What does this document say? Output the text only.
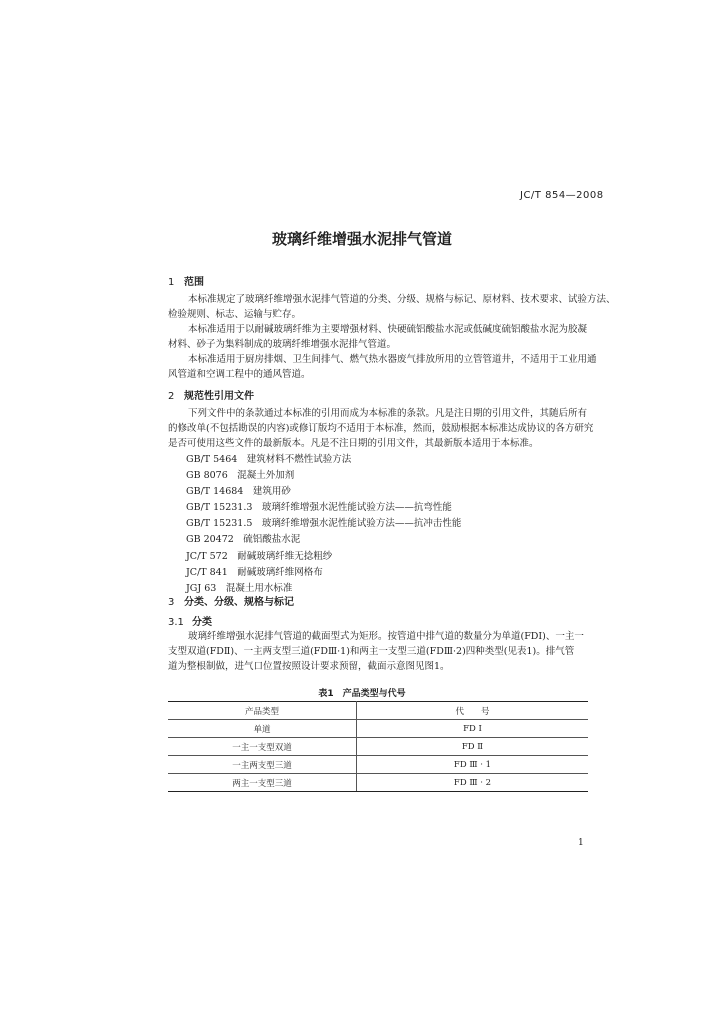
JC/T 854—2008
玻璃纤维增强水泥排气管道
1 范围
本标准规定了玻璃纤维增强水泥排气管道的分类、分级、规格与标记、原材料、技术要求、试验方法、
检验规则、标志、运输与贮存。
本标准适用于以耐碱玻璃纤维为主要增强材料、快硬硫铝酸盐水泥或低碱度硫铝酸盐水泥为胶凝
材料、砂子为集料制成的玻璃纤维增强水泥排气管道。
本标准适用于厨房排烟、卫生间排气、燃气热水器废气排放所用的立管管道井，不适用于工业用通
风管道和空调工程中的通风管道。
2 规范性引用文件
下列文件中的条款通过本标准的引用而成为本标准的条款。凡是注日期的引用文件，其随后所有
的修改单(不包括勘误的内容)或修订版均不适用于本标准，然而，鼓励根据本标准达成协议的各方研究
是否可使用这些文件的最新版本。凡是不注日期的引用文件，其最新版本适用于本标准。
GB/T 5464　建筑材料不燃性试验方法
GB 8076　混凝土外加剂
GB/T 14684　建筑用砂
GB/T 15231.3　玻璃纤维增强水泥性能试验方法——抗弯性能
GB/T 15231.5　玻璃纤维增强水泥性能试验方法——抗冲击性能
GB 20472　硫铝酸盐水泥
JC/T 572　耐碱玻璃纤维无捻粗纱
JC/T 841　耐碱玻璃纤维网格布
JGJ 63　混凝土用水标准
3 分类、分级、规格与标记
3.1 分类
玻璃纤维增强水泥排气管道的截面型式为矩形。按管道中排气道的数量分为单道(FDⅠ)、一主一
支型双道(FDⅡ)、一主两支型三道(FDⅢ·1)和两主一支型三道(FDⅢ·2)四种类型(见表1)。排气管
道为整根制做，进气口位置按照设计要求预留，截面示意图见图1。
表1　产品类型与代号
产品类型	代　　号
单道	FD Ⅰ
一主一支型双道	FD Ⅱ
一主两支型三道	FD Ⅲ · 1
两主一支型三道	FD Ⅲ · 2
1
